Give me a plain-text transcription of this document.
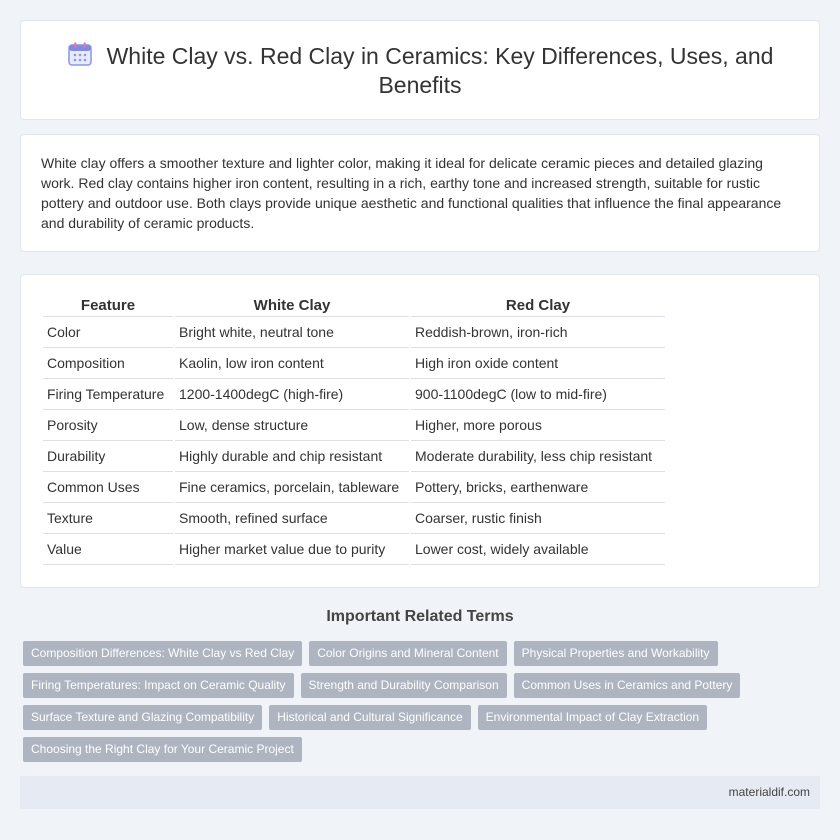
White Clay vs. Red Clay in Ceramics: Key Differences, Uses, and Benefits

White clay offers a smoother texture and lighter color, making it ideal for delicate ceramic pieces and detailed glazing work. Red clay contains higher iron content, resulting in a rich, earthy tone and increased strength, suitable for rustic pottery and outdoor use. Both clays provide unique aesthetic and functional qualities that influence the final appearance and durability of ceramic products.

Feature	White Clay	Red Clay
Color	Bright white, neutral tone	Reddish-brown, iron-rich
Composition	Kaolin, low iron content	High iron oxide content
Firing Temperature	1200-1400degC (high-fire)	900-1100degC (low to mid-fire)
Porosity	Low, dense structure	Higher, more porous
Durability	Highly durable and chip resistant	Moderate durability, less chip resistant
Common Uses	Fine ceramics, porcelain, tableware	Pottery, bricks, earthenware
Texture	Smooth, refined surface	Coarser, rustic finish
Value	Higher market value due to purity	Lower cost, widely available
Important Related Terms
Composition Differences: White Clay vs Red Clay	Color Origins and Mineral Content	Physical Properties and Workability
Firing Temperatures: Impact on Ceramic Quality	Strength and Durability Comparison	Common Uses in Ceramics and Pottery
Surface Texture and Glazing Compatibility	Historical and Cultural Significance	Environmental Impact of Clay Extraction
Choosing the Right Clay for Your Ceramic Project
materialdif.com
